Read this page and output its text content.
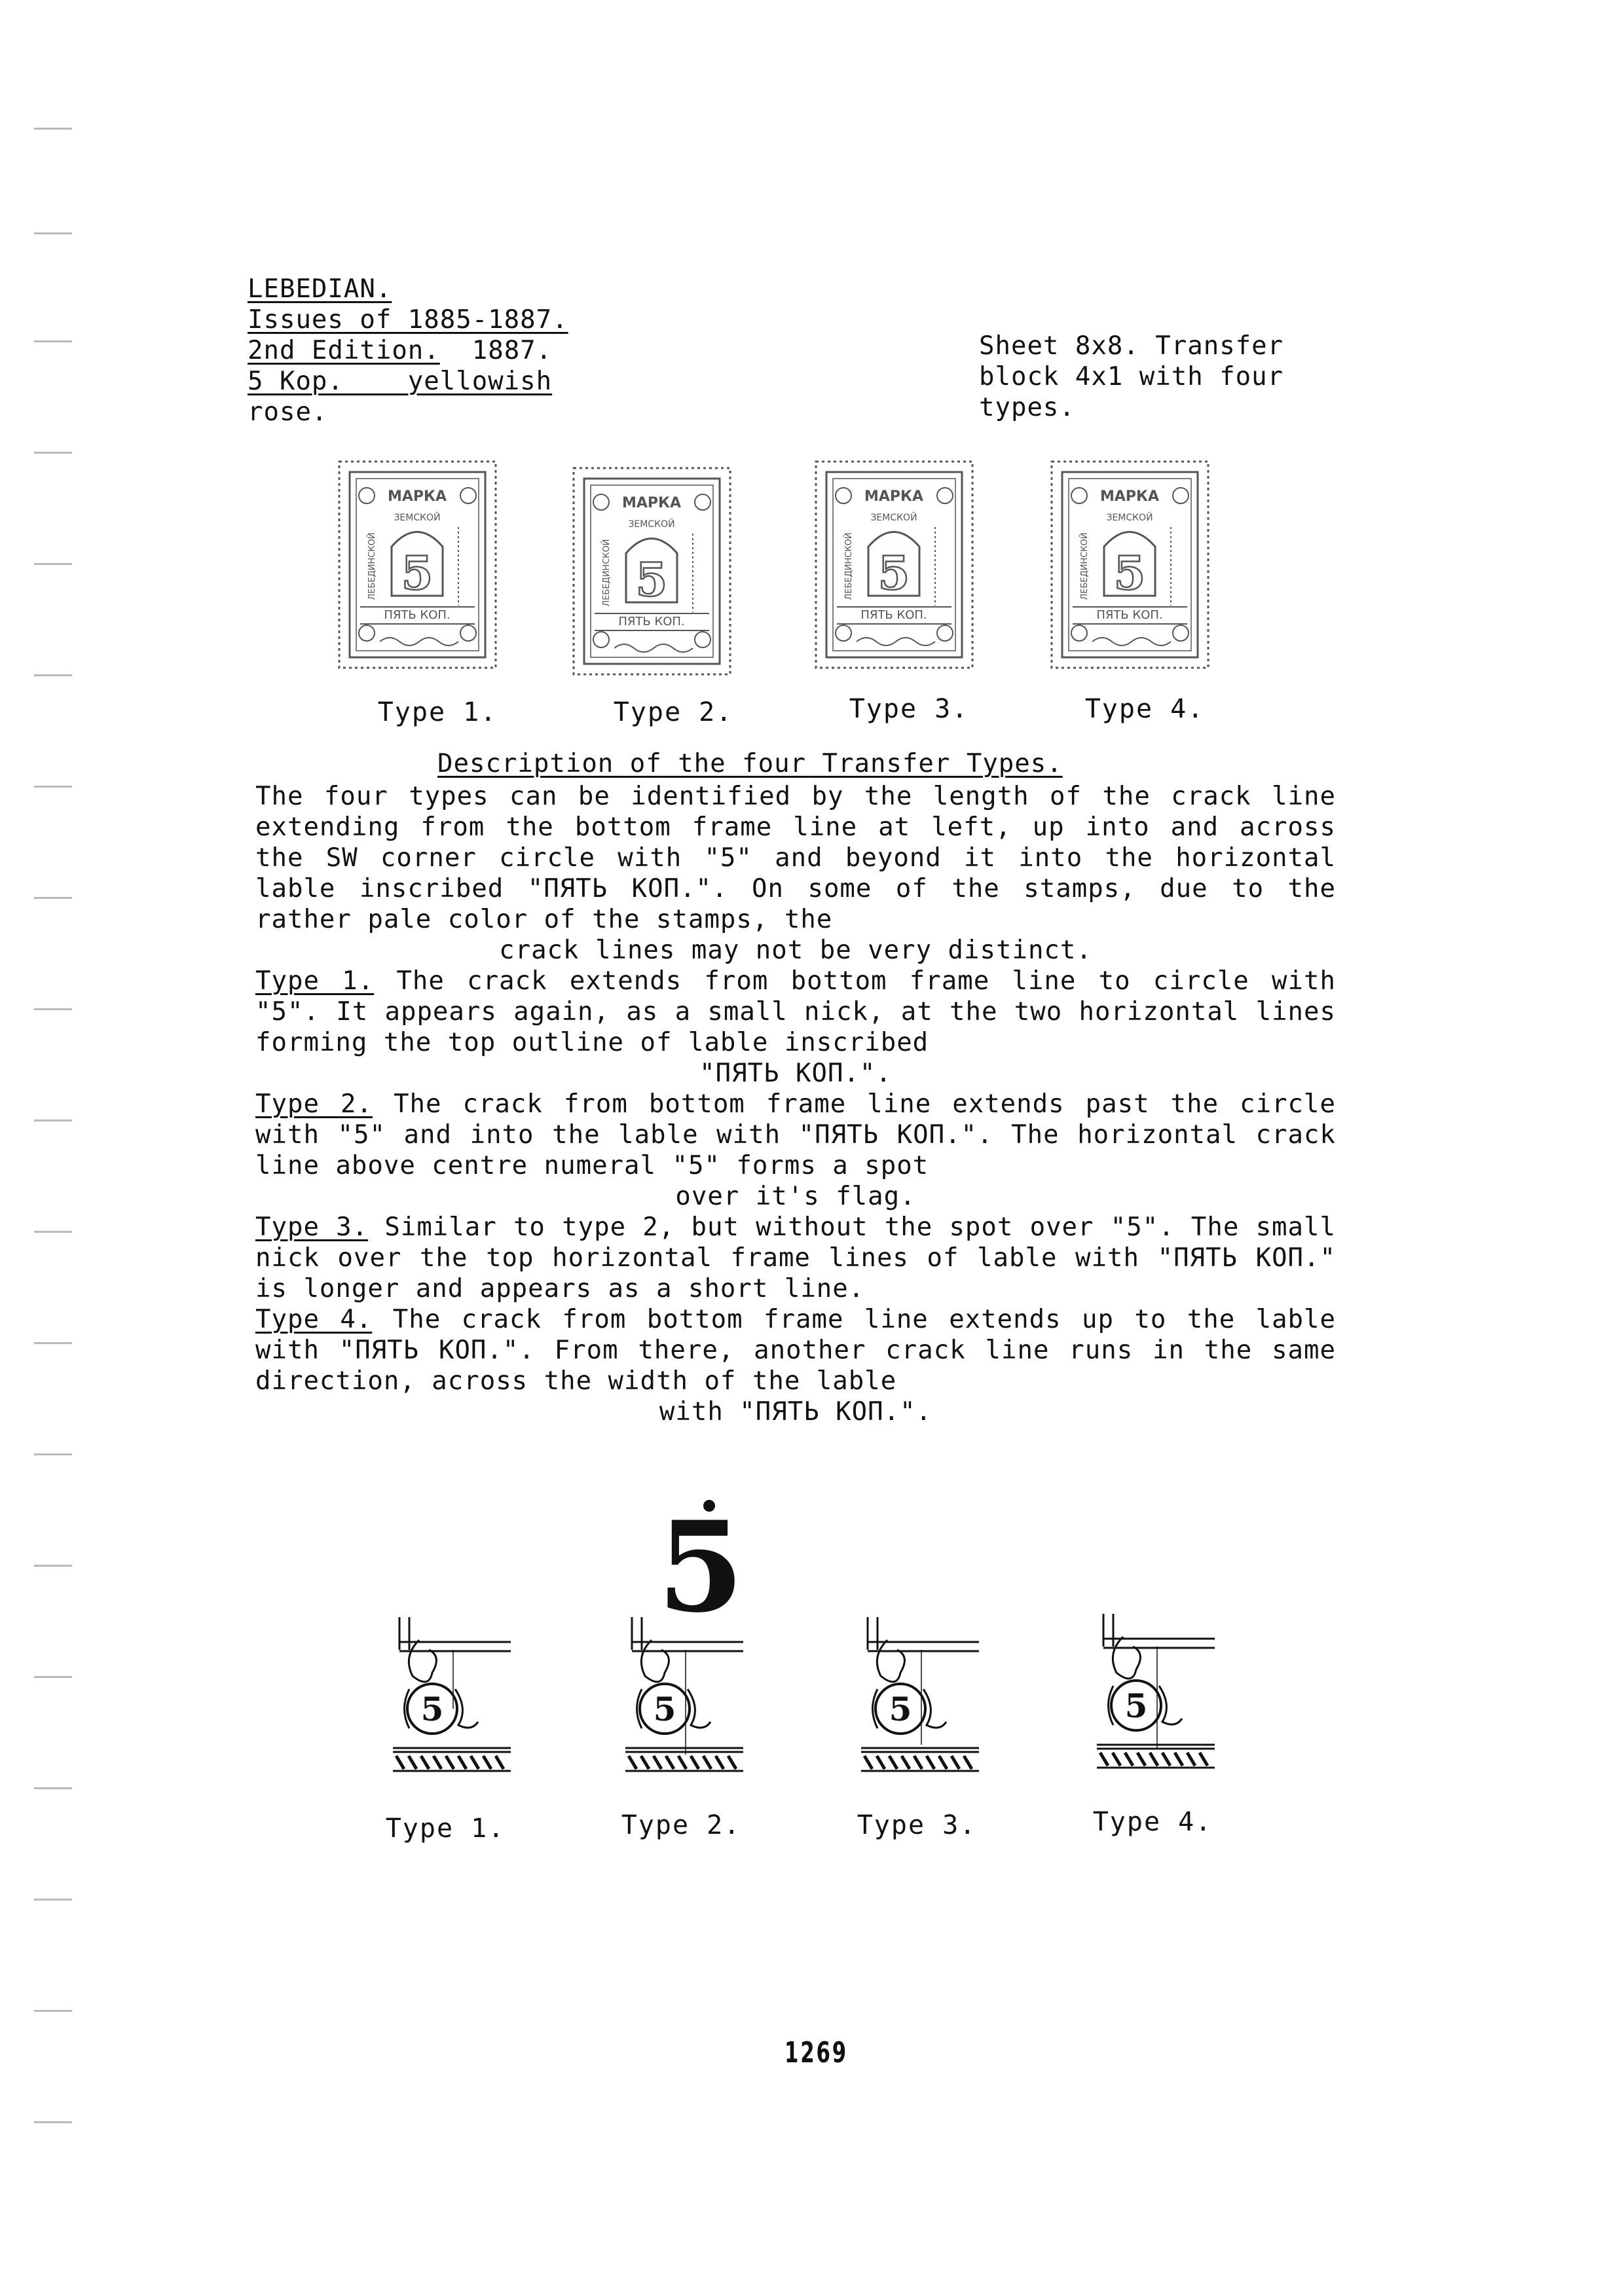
LEBEDIAN.
Issues of 1885-1887.
2nd Edition. 1887.
5 Kop.    yellowish
rose.
Sheet 8x8. Transfer
block 4x1 with four
types.
МАРКА
ЗЕМСКОЙ
5
ЛЕБЕДИНСКОЙ
ПЯТЬ КОП.
МАРКА
ЗЕМСКОЙ
5
ЛЕБЕДИНСКОЙ
ПЯТЬ КОП.
МАРКА
ЗЕМСКОЙ
5
ЛЕБЕДИНСКОЙ
ПЯТЬ КОП.
МАРКА
ЗЕМСКОЙ
5
ЛЕБЕДИНСКОЙ
ПЯТЬ КОП.
Type 1.	Type 2.	Type 3.	Type 4.
Description of the four Transfer Types.

The four types can be identified by the length of the crack line extending from the bottom frame line at left, up into and across the SW corner circle with "5" and beyond it into the horizontal lable inscribed "ПЯТЬ КОП.". On some of the stamps, due to the rather pale color of the stamps, the

crack lines may not be very distinct.

Type 1. The crack extends from bottom frame line to circle with "5". It appears again, as a small nick, at the two horizontal lines forming the top outline of lable inscribed

"ПЯТЬ КОП.".

Type 2. The crack from bottom frame line extends past the circle with "5" and into the lable with "ПЯТЬ КОП.". The horizontal crack line above centre numeral "5" forms a spot

over it's flag.

Type 3. Similar to type 2, but without the spot over "5". The small nick over the top horizontal frame lines of lable with "ПЯТЬ КОП." is longer and appears as a short line.

Type 4. The crack from bottom frame line extends up to the lable with "ПЯТЬ КОП.". From there, another crack line runs in the same direction, across the width of the lable

with "ПЯТЬ КОП.".

5
5	5	5	5
Type 1.	Type 2.	Type 3.	Type 4.
1269
